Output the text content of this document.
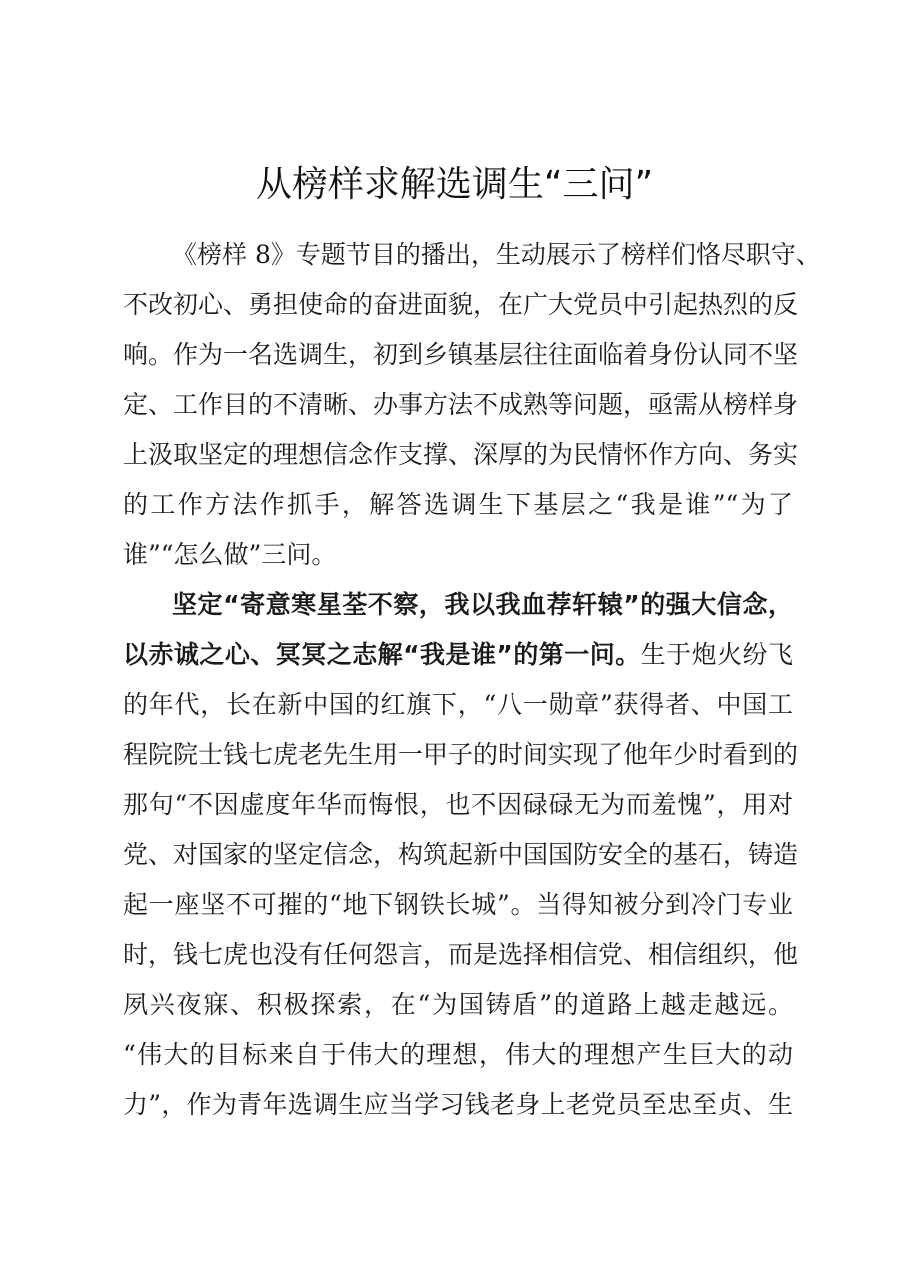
从榜样求解选调生“三问”
《榜样 8》专题节目的播出，生动展示了榜样们恪尽职守、
不改初心、勇担使命的奋进面貌，在广大党员中引起热烈的反
响。作为一名选调生，初到乡镇基层往往面临着身份认同不坚
定、工作目的不清晰、办事方法不成熟等问题，亟需从榜样身
上汲取坚定的理想信念作支撑、深厚的为民情怀作方向、务实
的工作方法作抓手，解答选调生下基层之“我是谁”“为了
谁”“怎么做”三问。
坚定“寄意寒星荃不察，我以我血荐轩辕”的强大信念，
以赤诚之心、冥冥之志解“我是谁”的第一问。生于炮火纷飞
的年代，长在新中国的红旗下，“八一勋章”获得者、中国工
程院院士钱七虎老先生用一甲子的时间实现了他年少时看到的
那句“不因虚度年华而悔恨，也不因碌碌无为而羞愧”，用对
党、对国家的坚定信念，构筑起新中国国防安全的基石，铸造
起一座坚不可摧的“地下钢铁长城”。当得知被分到冷门专业
时，钱七虎也没有任何怨言，而是选择相信党、相信组织，他
夙兴夜寐、积极探索，在“为国铸盾”的道路上越走越远。
“伟大的目标来自于伟大的理想，伟大的理想产生巨大的动
力”，作为青年选调生应当学习钱老身上老党员至忠至贞、生
